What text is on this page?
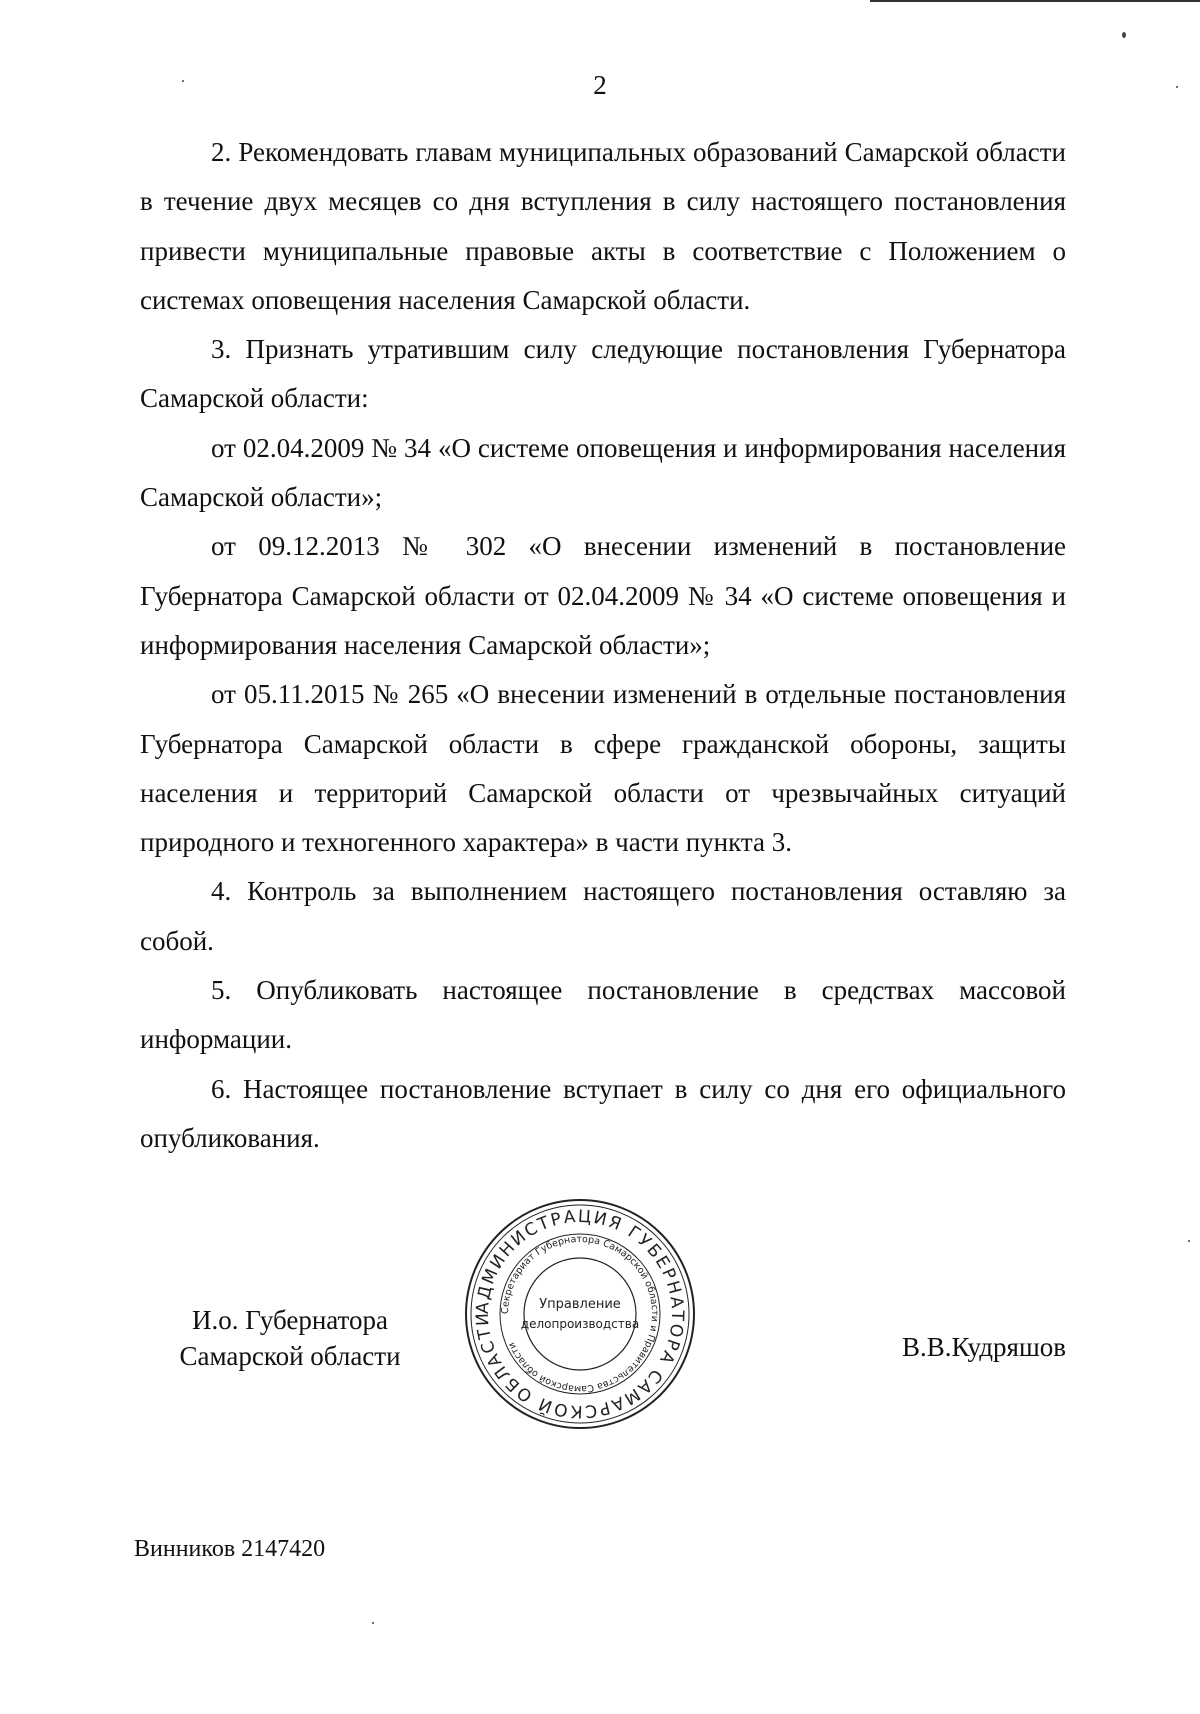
2

2. Рекомендовать главам муниципальных образований Самарской области в течение двух месяцев со дня вступления в силу настоящего постановления привести муниципальные правовые акты в соответствие с Положением о системах оповещения населения Самарской области.

3. Признать утратившим силу следующие постановления Губернатора Самарской области:

от 02.04.2009 № 34 «О системе оповещения и информирования населения Самарской области»;

от 09.12.2013 № 302 «О внесении изменений в постановление Губернатора Самарской области от 02.04.2009 № 34 «О системе оповещения и информирования населения Самарской области»;

от 05.11.2015 № 265 «О внесении изменений в отдельные постановления Губернатора Самарской области в сфере гражданской обороны, защиты населения и территорий Самарской области от чрезвычайных ситуаций природного и техногенного характера» в части пункта 3.

4. Контроль за выполнением настоящего постановления оставляю за собой.

5. Опубликовать настоящее постановление в средствах массовой информации.

6. Настоящее постановление вступает в силу со дня его официального опубликования.

И.о. Губернатора
Самарской области
АДМИНИСТРАЦИЯ ГУБЕРНАТОРА САМАРСКОЙ ОБЛАСТИ
Секретариат Губернатора Самарской области и Правительства Самарской области
Управление
делопроизводства
В.В.Кудряшов
Винников 2147420
